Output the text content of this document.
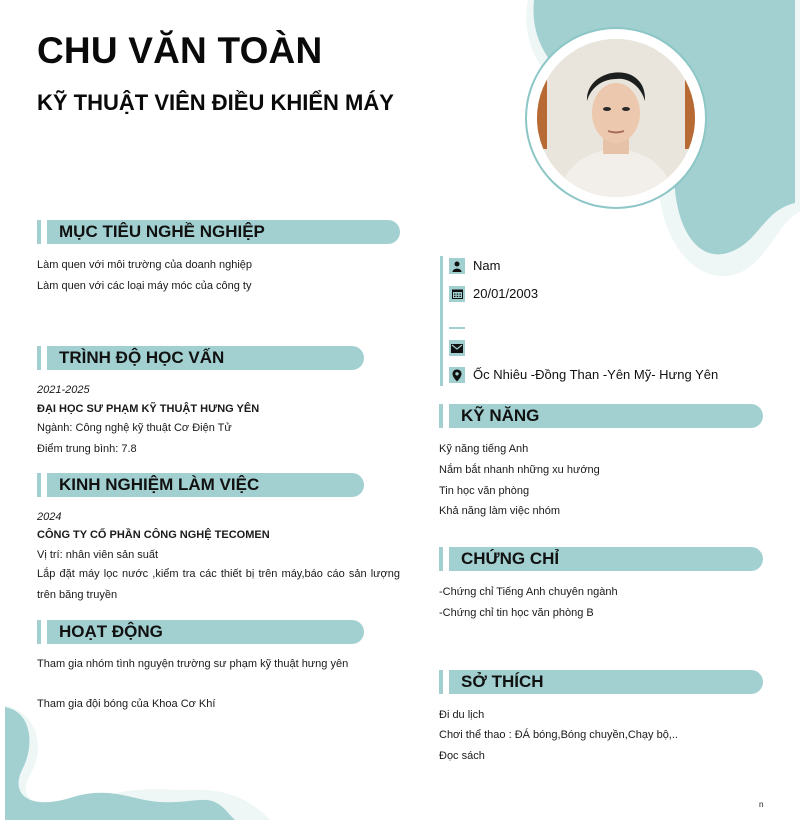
CHU VĂN TOÀN
KỸ THUẬT VIÊN ĐIỀU KHIỂN MÁY
MỤC TIÊU NGHỀ NGHIỆP
Làm quen với môi trường của doanh nghiệp
Làm quen với các loại máy móc của công ty
TRÌNH ĐỘ HỌC VẤN
2021-2025
ĐẠI HỌC SƯ PHẠM KỸ THUẬT HƯNG YÊN
Ngành: Công nghệ kỹ thuật Cơ Điện Tử
Điểm trung bình: 7.8
KINH NGHIỆM LÀM VIỆC
2024
CÔNG TY CỐ PHẦN CÔNG NGHỆ TECOMEN
Vị trí: nhân viên sản suất
Lắp đặt máy lọc nước ,kiểm tra các thiết bị trên máy,báo cáo sản lượng trên băng truyền
HOẠT ĐỘNG
Tham gia nhóm tình nguyện trường sư phạm kỹ thuật hưng yên
Tham gia đội bóng của Khoa Cơ Khí
Nam
20/01/2003
Ốc Nhiêu -Đồng Than -Yên Mỹ- Hưng Yên
KỸ NĂNG
Kỹ năng tiếng Anh
Nắm bắt nhanh những xu hướng
Tin học văn phòng
Khả năng làm việc nhóm
CHỨNG CHỈ
-Chứng chỉ Tiếng Anh chuyên ngành
-Chứng chỉ tin học văn phòng B
SỞ THÍCH
Đi du lịch
Chơi thể thao : ĐÁ bóng,Bóng chuyền,Chạy bộ,..
Đọc sách
n
